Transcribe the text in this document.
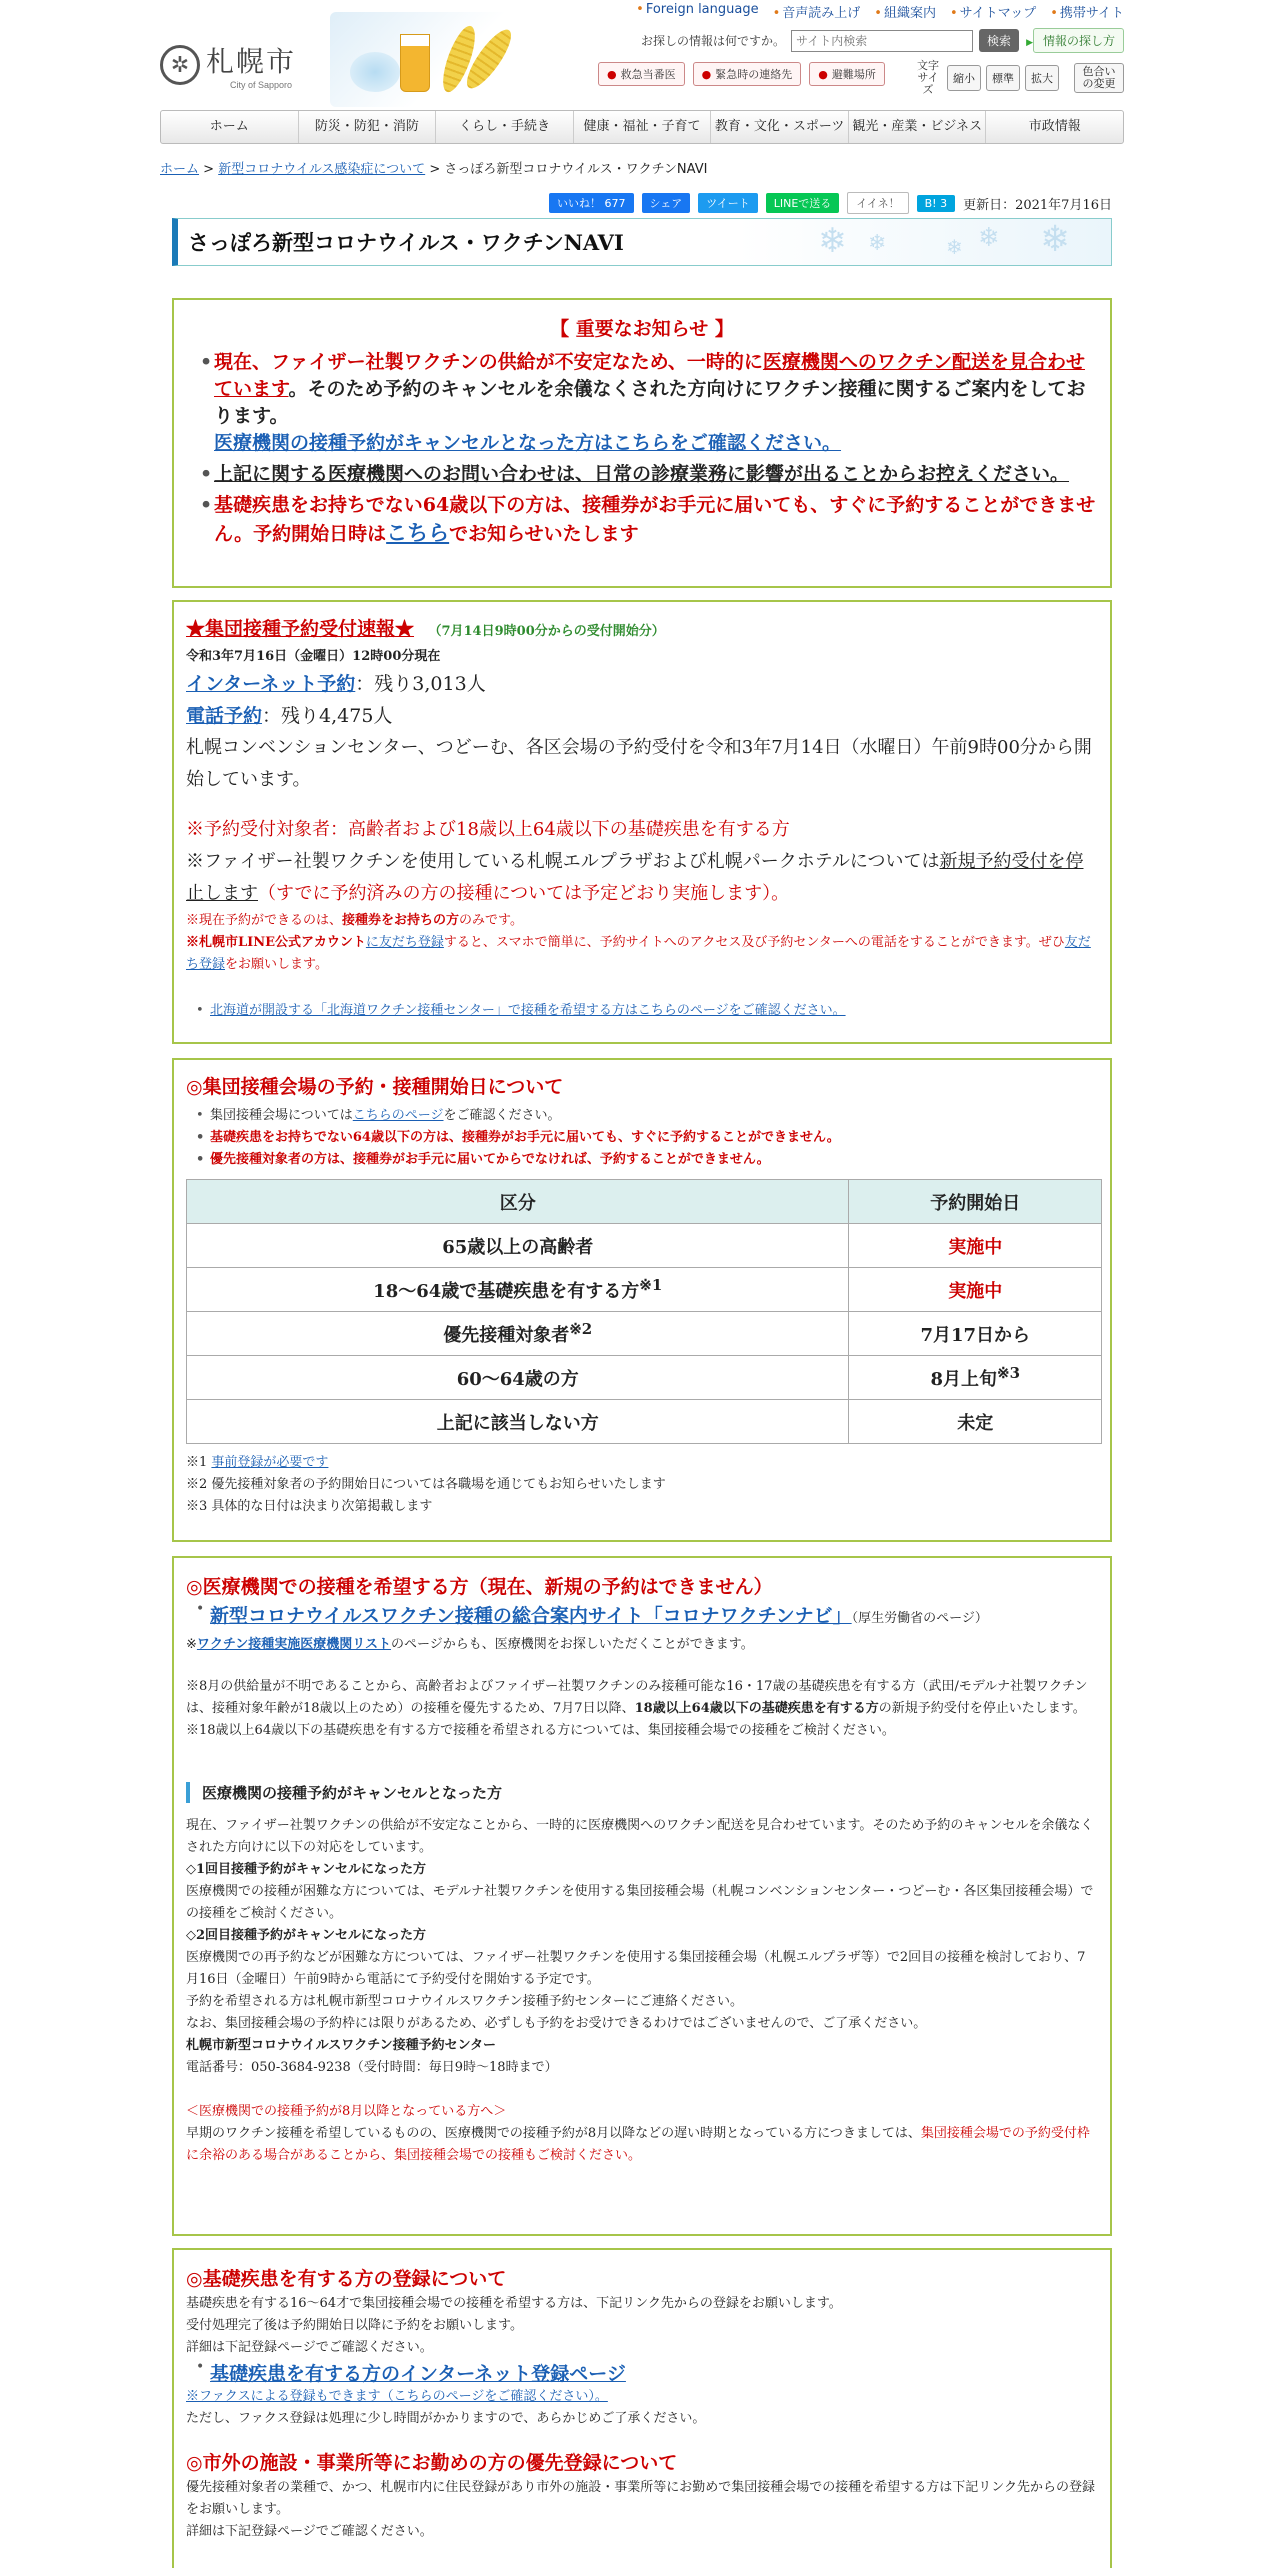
✲ 札幌市
City of Sapporo
• Foreign language	• 音声読み上げ	• 組織案内	• サイトマップ	• 携帯サイト
お探しの情報は何ですか。
サイト内検索	検索	▶ 情報の探し方
● 救急当番医	● 緊急時の連絡先	● 避難場所
文字サイズ
縮小	標準	拡大
色合いの変更
ホーム	防災・防犯・消防	くらし・手続き	健康・福祉・子育て	教育・文化・スポーツ 観光・産業・ビジネス	市政情報
ホーム > 新型コロナウイルス感染症について > さっぽろ新型コロナウイルス・ワクチンNAVI
いいね！ 677	シェア	ツイート	LINEで送る	イイネ！	B! 3	更新日：2021年7月16日
さっぽろ新型コロナウイルス・ワクチンNAVI	❄ ❄	❄ ❄ ❄
【 重要なお知らせ 】
• 現在、ファイザー社製ワクチンの供給が不安定なため、一時的に医療機関へのワクチン配送を見合わせています。そのため予約のキャンセルを余儀なくされた方向けにワクチン接種に関するご案内をしております。
医療機関の接種予約がキャンセルとなった方はこちらをご確認ください。
• 上記に関する医療機関へのお問い合わせは、日常の診療業務に影響が出ることからお控えください。
• 基礎疾患をお持ちでない64歳以下の方は、接種券がお手元に届いても、すぐに予約することができません。予約開始日時はこちらでお知らせいたします
★集団接種予約受付速報★ （7月14日9時00分からの受付開始分）
令和3年7月16日（金曜日）12時00分現在
インターネット予約：残り3,013人
電話予約：残り4,475人
札幌コンベンションセンター、つどーむ、各区会場の予約受付を令和3年7月14日（水曜日）午前9時00分から開始しています。
※予約受付対象者：高齢者および18歳以上64歳以下の基礎疾患を有する方
※ファイザー社製ワクチンを使用している札幌エルプラザおよび札幌パークホテルについては新規予約受付を停止します（すでに予約済みの方の接種については予定どおり実施します）。
※現在予約ができるのは、接種券をお持ちの方のみです。
※札幌市LINE公式アカウントに友だち登録すると、スマホで簡単に、予約サイトへのアクセス及び予約センターへの電話をすることができます。ぜひ友だち登録をお願いします。
• 北海道が開設する「北海道ワクチン接種センター」で接種を希望する方はこちらのページをご確認ください。
◎集団接種会場の予約・接種開始日について
• 集団接種会場についてはこちらのページをご確認ください。
• 基礎疾患をお持ちでない64歳以下の方は、接種券がお手元に届いても、すぐに予約することができません。
• 優先接種対象者の方は、接種券がお手元に届いてからでなければ、予約することができません。
区分	予約開始日
65歳以上の高齢者	実施中
18～64歳で基礎疾患を有する方$^{※1}$	実施中
優先接種対象者$^{※2}$	7月17日から
60～64歳の方	8月上旬$^{※3}$
上記に該当しない方	未定
※1 事前登録が必要です
※2 優先接種対象者の予約開始日については各職場を通じてもお知らせいたします
※3 具体的な日付は決まり次第掲載します
◎医療機関での接種を希望する方（現在、新規の予約はできません）
• 新型コロナウイルスワクチン接種の総合案内サイト「コロナワクチンナビ」（厚生労働省のページ）
※ワクチン接種実施医療機関リストのページからも、医療機関をお探しいただくことができます。
※8月の供給量が不明であることから、高齢者およびファイザー社製ワクチンのみ接種可能な16・17歳の基礎疾患を有する方（武田/モデルナ社製ワクチンは、接種対象年齢が18歳以上のため）の接種を優先するため、7月7日以降、18歳以上64歳以下の基礎疾患を有する方の新規予約受付を停止いたします。
※18歳以上64歳以下の基礎疾患を有する方で接種を希望される方については、集団接種会場での接種をご検討ください。
医療機関の接種予約がキャンセルとなった方
現在、ファイザー社製ワクチンの供給が不安定なことから、一時的に医療機関へのワクチン配送を見合わせています。そのため予約のキャンセルを余儀なくされた方向けに以下の対応をしています。
◇1回目接種予約がキャンセルになった方
医療機関での接種が困難な方については、モデルナ社製ワクチンを使用する集団接種会場（札幌コンベンションセンター・つどーむ・各区集団接種会場）での接種をご検討ください。
◇2回目接種予約がキャンセルになった方
医療機関での再予約などが困難な方については、ファイザー社製ワクチンを使用する集団接種会場（札幌エルプラザ等）で2回目の接種を検討しており、7月16日（金曜日）午前9時から電話にて予約受付を開始する予定です。
予約を希望される方は札幌市新型コロナウイルスワクチン接種予約センターにご連絡ください。
なお、集団接種会場の予約枠には限りがあるため、必ずしも予約をお受けできるわけではございませんので、ご了承ください。
札幌市新型コロナウイルスワクチン接種予約センター
電話番号：050-3684-9238（受付時間：毎日9時～18時まで）
＜医療機関での接種予約が8月以降となっている方へ＞
早期のワクチン接種を希望しているものの、医療機関での接種予約が8月以降などの遅い時期となっている方につきましては、集団接種会場での予約受付枠に余裕のある場合があることから、集団接種会場での接種もご検討ください。
◎基礎疾患を有する方の登録について
基礎疾患を有する16～64才で集団接種会場での接種を希望する方は、下記リンク先からの登録をお願いします。
受付処理完了後は予約開始日以降に予約をお願いします。
詳細は下記登録ページでご確認ください。
• 基礎疾患を有する方のインターネット登録ページ
※ファクスによる登録もできます（こちらのページをご確認ください）。
ただし、ファクス登録は処理に少し時間がかかりますので、あらかじめご了承ください。
◎市外の施設・事業所等にお勤めの方の優先登録について
優先接種対象者の業種で、かつ、札幌市内に住民登録があり市外の施設・事業所等にお勤めで集団接種会場での接種を希望する方は下記リンク先からの登録をお願いします。
詳細は下記登録ページでご確認ください。
